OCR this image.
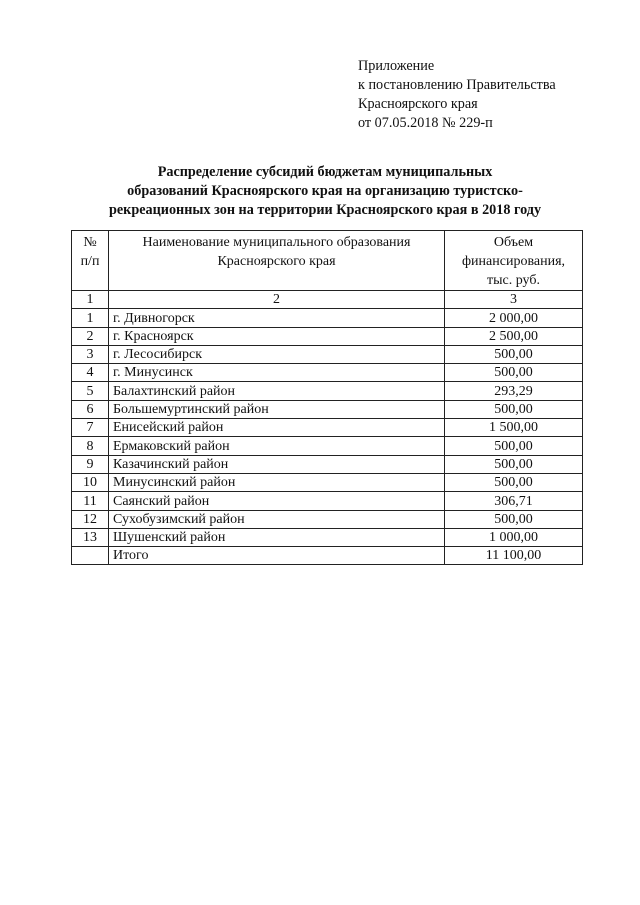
Приложение
к постановлению Правительства
Красноярского края
от 07.05.2018 № 229-п
Распределение субсидий бюджетам муниципальных
образований Красноярского края на организацию туристско-
рекреационных зон на территории Красноярского края в 2018 году
№ п/п	Наименование муниципального образования Красноярского края	Объем финансирования, тыс. руб.
1	2	3
1	г. Дивногорск	2 000,00
2	г. Красноярск	2 500,00
3	г. Лесосибирск	500,00
4	г. Минусинск	500,00
5	Балахтинский район	293,29
6	Большемуртинский район	500,00
7	Енисейский район	1 500,00
8	Ермаковский район	500,00
9	Казачинский район	500,00
10	Минусинский район	500,00
11	Саянский район	306,71
12	Сухобузимский район	500,00
13	Шушенский район	1 000,00
	Итого	11 100,00
